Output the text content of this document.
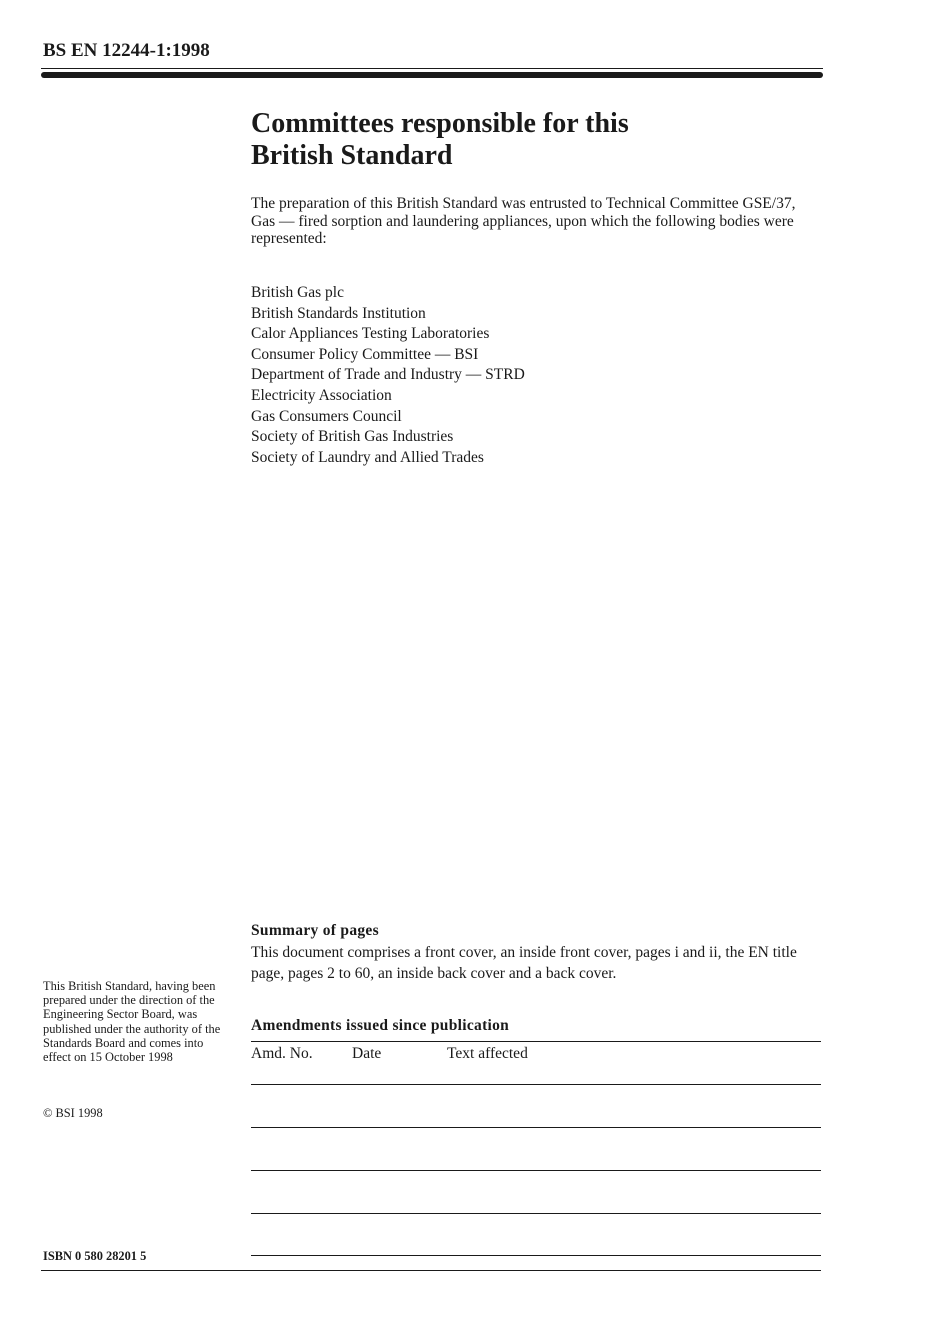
BS EN 12244-1:1998
Committees responsible for this
British Standard

The preparation of this British Standard was entrusted to Technical Committee GSE/37, Gas — fired sorption and laundering appliances, upon which the following bodies were represented:

British Gas plc
British Standards Institution
Calor Appliances Testing Laboratories
Consumer Policy Committee — BSI
Department of Trade and Industry — STRD
Electricity Association
Gas Consumers Council
Society of British Gas Industries
Society of Laundry and Allied Trades
Summary of pages

This document comprises a front cover, an inside front cover, pages i and ii, the EN title page, pages 2 to 60, an inside back cover and a back cover.

Amendments issued since publication
Amd. No.	Date	Text affected

This British Standard, having been prepared under the direction of the Engineering Sector Board, was published under the authority of the Standards Board and comes into effect on 15 October 1998

© BSI 1998

ISBN 0 580 28201 5
